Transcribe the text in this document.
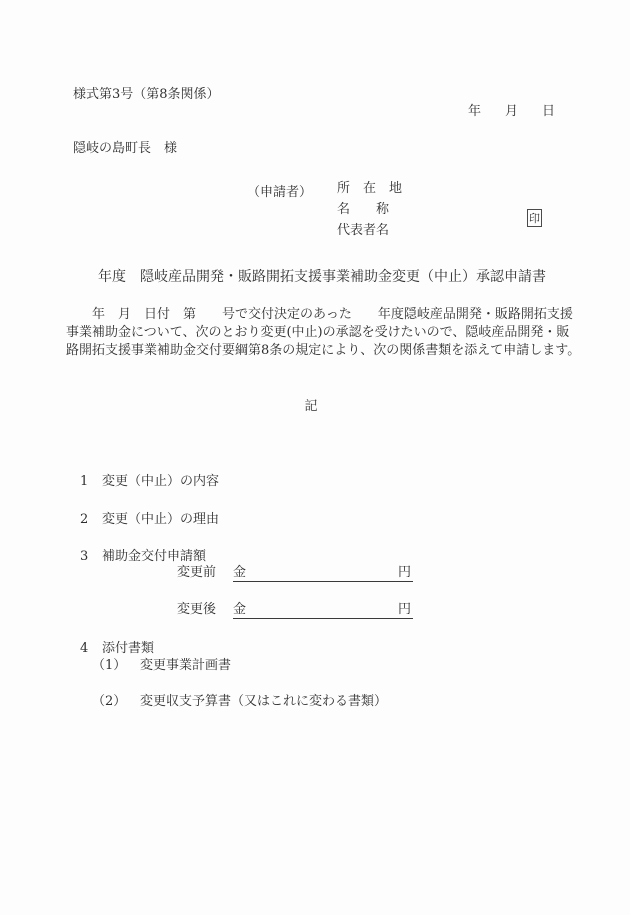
様式第3号（第8条関係）
年 月 日
隠岐の島町長　様
（申請者） 所　在　地
名　　称
代表者名
印
年度　隠岐産品開発・販路開拓支援事業補助金変更（中止）承認申請書
　　年　月　日付　第　　号で交付決定のあった　　年度隠岐産品開発・販路開拓支援
事業補助金について、次のとおり変更(中止)の承認を受けたいので、隠岐産品開発・販
路開拓支援事業補助金交付要綱第8条の規定により、次の関係書類を添えて申請します。
記
1 変更（中止）の内容
2 変更（中止）の理由
3 補助金交付申請額
変更前 金	円
変更後 金	円
4 添付書類
（1） 変更事業計画書
（2） 変更収支予算書（又はこれに変わる書類）
